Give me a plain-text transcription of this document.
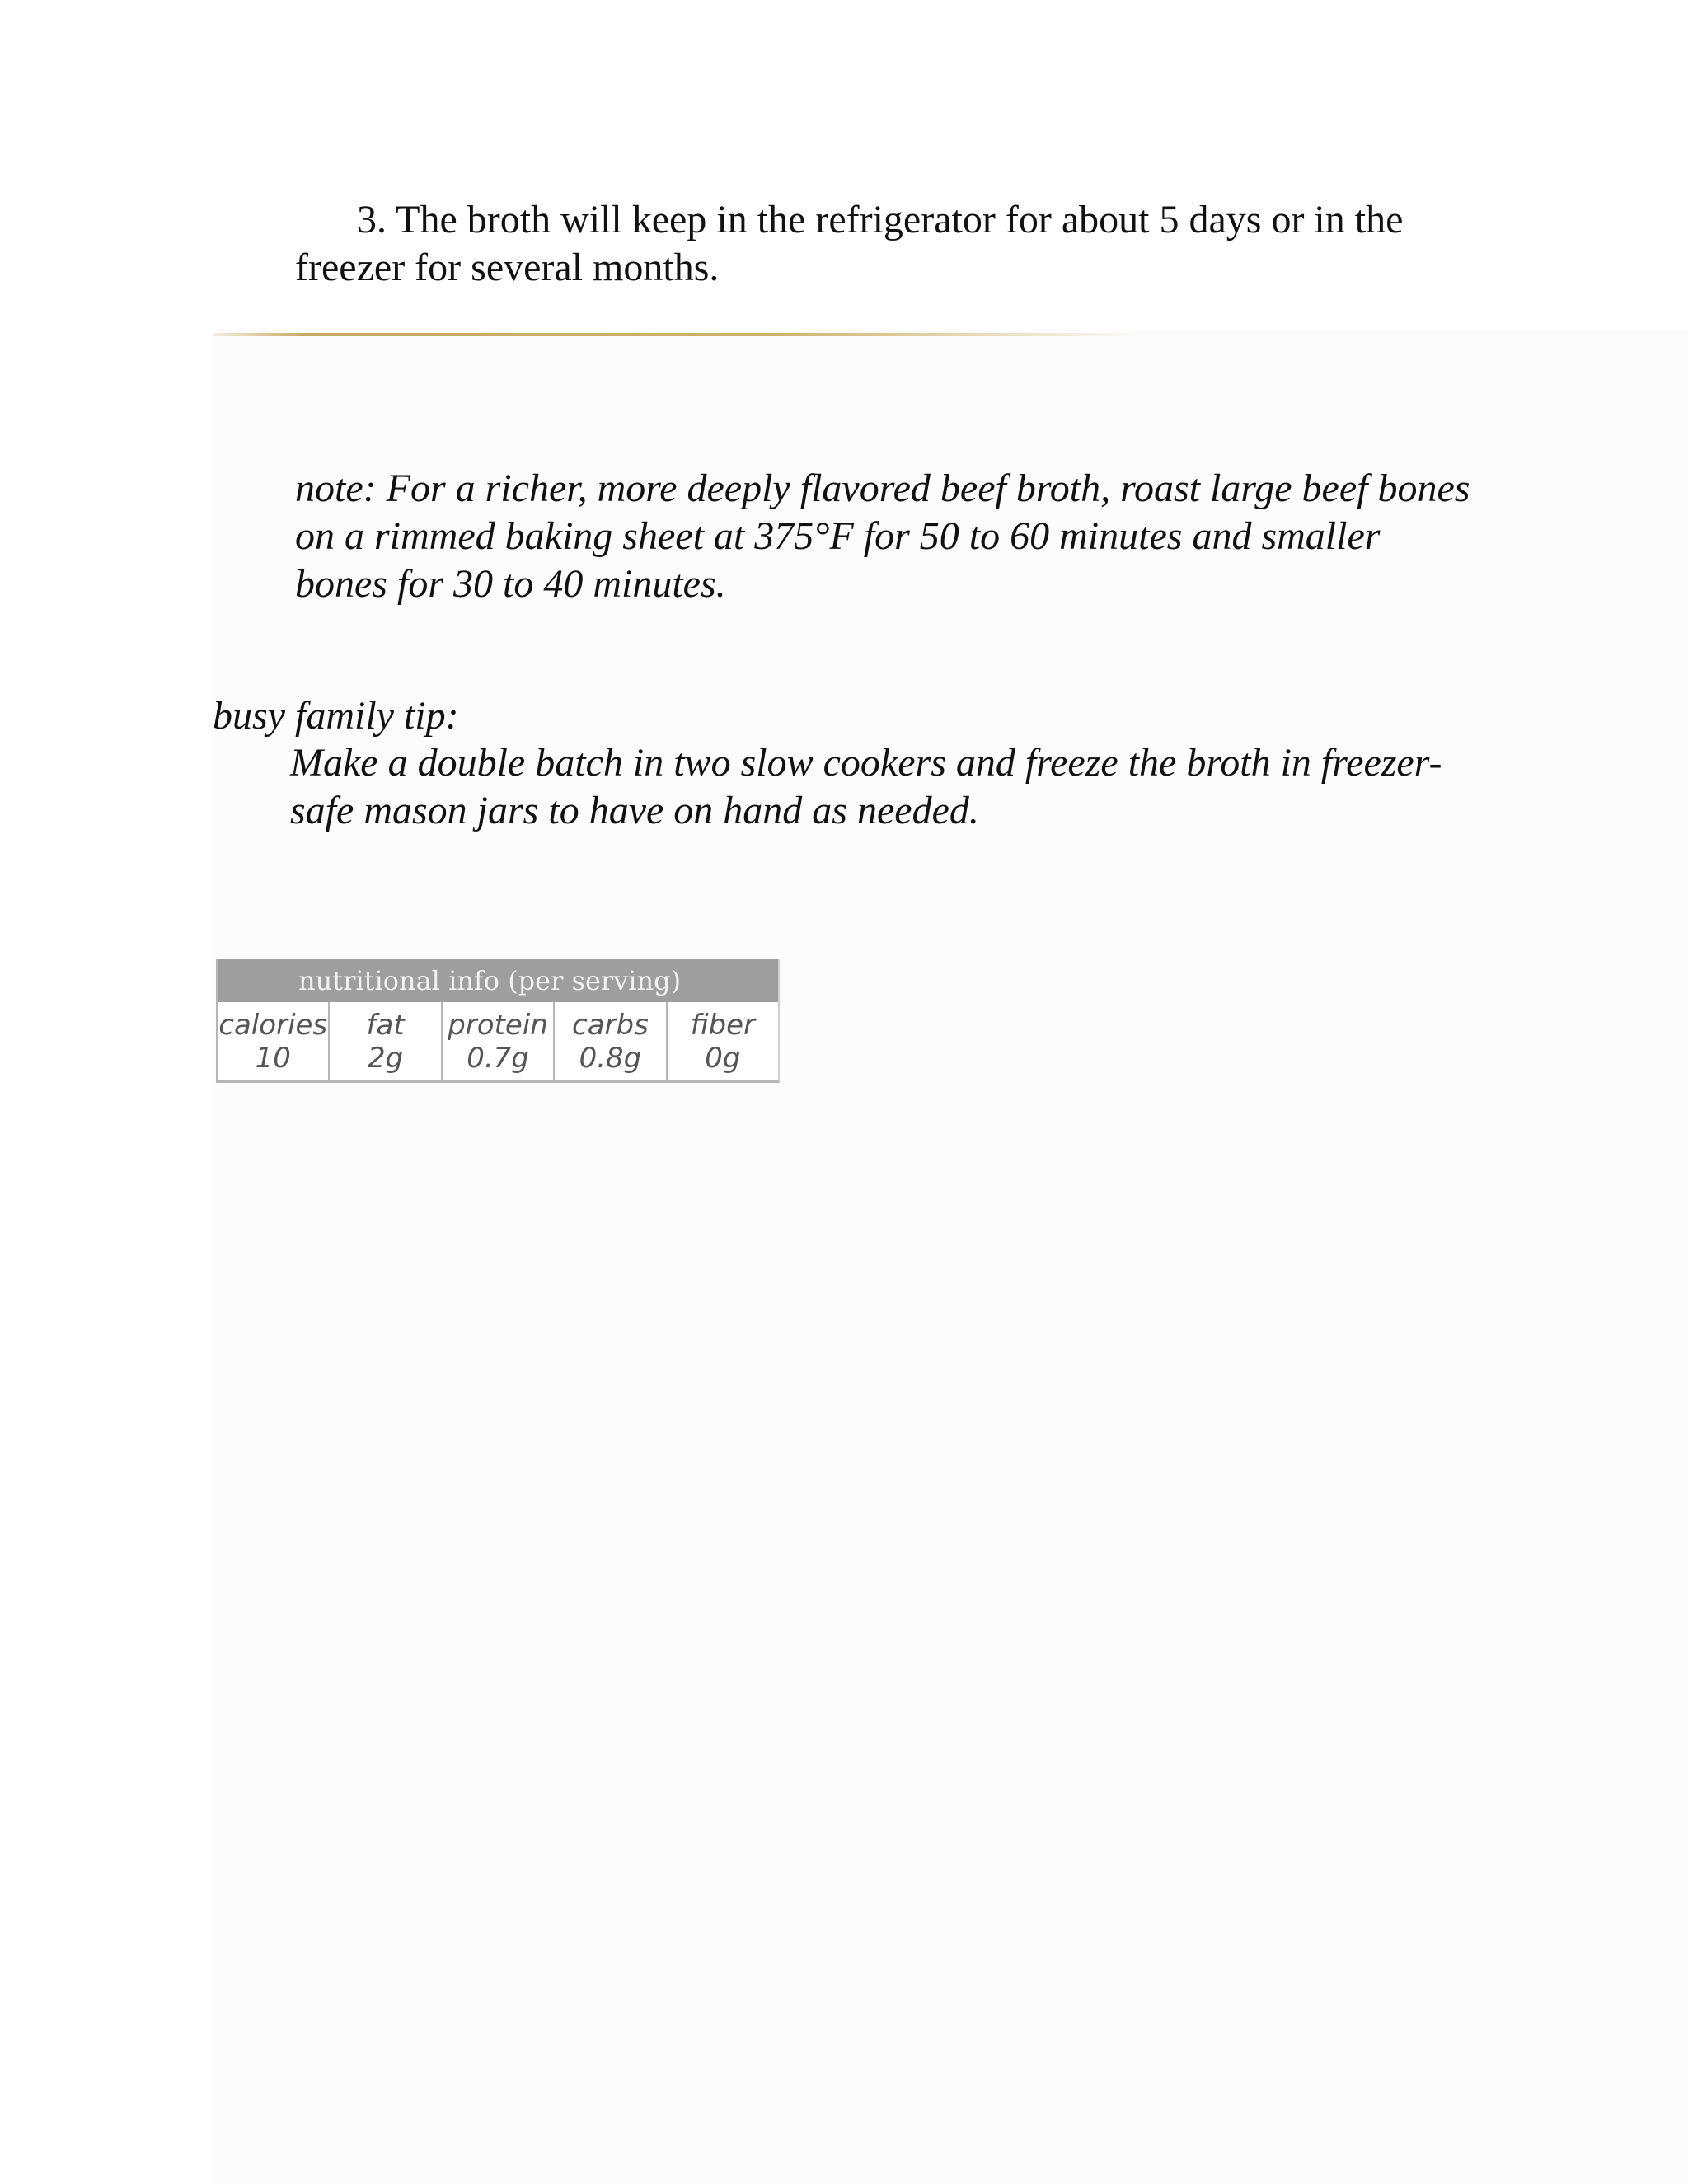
3. The broth will keep in the refrigerator for about 5 days or in the freezer for several months.

note: For a richer, more deeply flavored beef broth, roast large beef bones on a rimmed baking sheet at 375°F for 50 to 60 minutes and smaller bones for 30 to 40 minutes.

busy family tip:

Make a double batch in two slow cookers and freeze the broth in freezer-safe mason jars to have on hand as needed.

nutritional info (per serving)
calories
10
fat
2g
protein
0.7g
carbs
0.8g
fiber
0g
